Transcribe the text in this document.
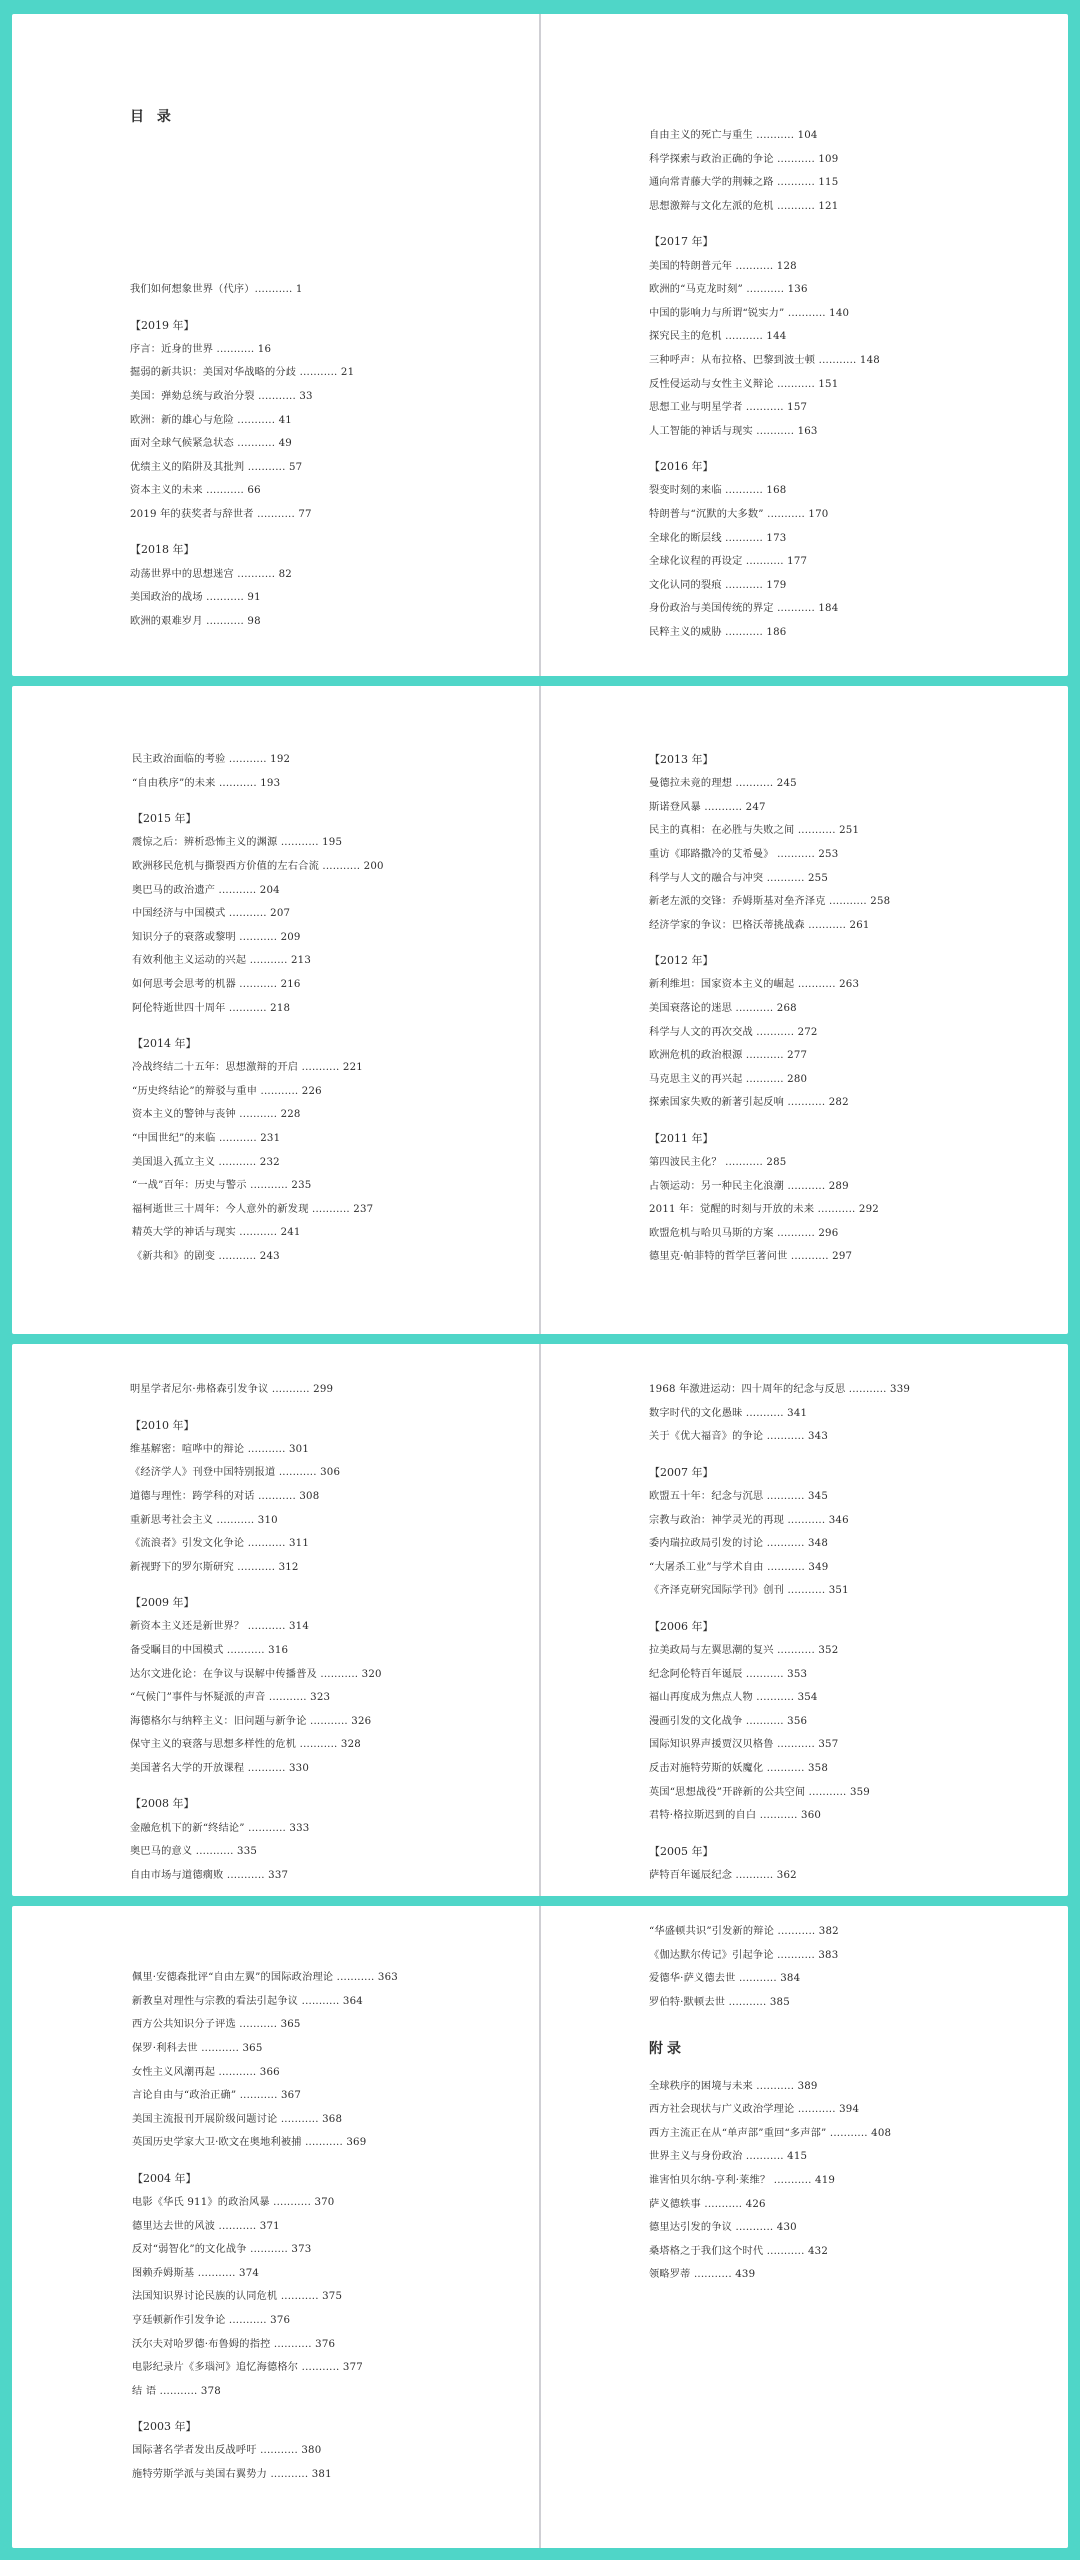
目 录
我们如何想象世界（代序）........... 1
【2019 年】
序言：近身的世界 ........... 16
掘弱的新共识：美国对华战略的分歧 ........... 21
美国：弹劾总统与政治分裂 ........... 33
欧洲：新的雄心与危险 ........... 41
面对全球气候紧急状态 ........... 49
优绩主义的陷阱及其批判 ........... 57
资本主义的未来 ........... 66
2019 年的获奖者与辞世者 ........... 77
【2018 年】
动荡世界中的思想迷宫 ........... 82
美国政治的战场 ........... 91
欧洲的艰难岁月 ........... 98
自由主义的死亡与重生 ........... 104
科学探索与政治正确的争论 ........... 109
通向常青藤大学的荆棘之路 ........... 115
思想激辩与文化左派的危机 ........... 121
【2017 年】
美国的特朗普元年 ........... 128
欧洲的“马克龙时刻” ........... 136
中国的影响力与所谓“锐实力” ........... 140
探究民主的危机 ........... 144
三种呼声：从布拉格、巴黎到波士顿 ........... 148
反性侵运动与女性主义辩论 ........... 151
思想工业与明星学者 ........... 157
人工智能的神话与现实 ........... 163
【2016 年】
裂变时刻的来临 ........... 168
特朗普与“沉默的大多数” ........... 170
全球化的断层线 ........... 173
全球化议程的再设定 ........... 177
文化认同的裂痕 ........... 179
身份政治与美国传统的界定 ........... 184
民粹主义的威胁 ........... 186
民主政治面临的考验 ........... 192
“自由秩序”的未来 ........... 193
【2015 年】
震惊之后：辨析恐怖主义的渊源 ........... 195
欧洲移民危机与撕裂西方价值的左右合流 ........... 200
奥巴马的政治遗产 ........... 204
中国经济与中国模式 ........... 207
知识分子的衰落或黎明 ........... 209
有效利他主义运动的兴起 ........... 213
如何思考会思考的机器 ........... 216
阿伦特逝世四十周年 ........... 218
【2014 年】
冷战终结二十五年：思想激辩的开启 ........... 221
“历史终结论”的辩驳与重申 ........... 226
资本主义的警钟与丧钟 ........... 228
“中国世纪”的来临 ........... 231
美国退入孤立主义 ........... 232
“一战”百年：历史与警示 ........... 235
福柯逝世三十周年：今人意外的新发现 ........... 237
精英大学的神话与现实 ........... 241
《新共和》的剧变 ........... 243
【2013 年】
曼德拉未竟的理想 ........... 245
斯诺登风暴 ........... 247
民主的真相：在必胜与失败之间 ........... 251
重访《耶路撒冷的艾希曼》 ........... 253
科学与人文的融合与冲突 ........... 255
新老左派的交锋：乔姆斯基对垒齐泽克 ........... 258
经济学家的争议：巴格沃蒂挑战森 ........... 261
【2012 年】
新利维坦：国家资本主义的崛起 ........... 263
美国衰落论的迷思 ........... 268
科学与人文的再次交战 ........... 272
欧洲危机的政治根源 ........... 277
马克思主义的再兴起 ........... 280
探索国家失败的新著引起反响 ........... 282
【2011 年】
第四波民主化？ ........... 285
占领运动：另一种民主化浪潮 ........... 289
2011 年：觉醒的时刻与开放的未来 ........... 292
欧盟危机与哈贝马斯的方案 ........... 296
德里克·帕菲特的哲学巨著问世 ........... 297
明星学者尼尔·弗格森引发争议 ........... 299
【2010 年】
维基解密：喧哗中的辩论 ........... 301
《经济学人》刊登中国特别报道 ........... 306
道德与理性：跨学科的对话 ........... 308
重新思考社会主义 ........... 310
《流浪者》引发文化争论 ........... 311
新视野下的罗尔斯研究 ........... 312
【2009 年】
新资本主义还是新世界？ ........... 314
备受瞩目的中国模式 ........... 316
达尔文进化论：在争议与误解中传播普及 ........... 320
“气候门”事件与怀疑派的声音 ........... 323
海德格尔与纳粹主义：旧问题与新争论 ........... 326
保守主义的衰落与思想多样性的危机 ........... 328
美国著名大学的开放课程 ........... 330
【2008 年】
金融危机下的新“终结论” ........... 333
奥巴马的意义 ........... 335
自由市场与道德瘸败 ........... 337
1968 年激进运动：四十周年的纪念与反思 ........... 339
数字时代的文化愚昧 ........... 341
关于《优大福音》的争论 ........... 343
【2007 年】
欧盟五十年：纪念与沉思 ........... 345
宗教与政治：神学灵光的再现 ........... 346
委内瑞拉政局引发的讨论 ........... 348
“大屠杀工业”与学术自由 ........... 349
《齐泽克研究国际学刊》创刊 ........... 351
【2006 年】
拉美政局与左翼思潮的复兴 ........... 352
纪念阿伦特百年诞辰 ........... 353
福山再度成为焦点人物 ........... 354
漫画引发的文化战争 ........... 356
国际知识界声援贾汉贝格鲁 ........... 357
反击对施特劳斯的妖魔化 ........... 358
英国“思想战役”开辟新的公共空间 ........... 359
君特·格拉斯迟到的自白 ........... 360
【2005 年】
萨特百年诞辰纪念 ........... 362
佩里·安德森批评“自由左翼”的国际政治理论 ........... 363
新教皇对理性与宗教的看法引起争议 ........... 364
西方公共知识分子评选 ........... 365
保罗·利科去世 ........... 365
女性主义风潮再起 ........... 366
言论自由与“政治正确” ........... 367
美国主流报刊开展阶级问题讨论 ........... 368
英国历史学家大卫·欧文在奥地利被捕 ........... 369
【2004 年】
电影《华氏 911》的政治风暴 ........... 370
德里达去世的风波 ........... 371
反对“弱智化”的文化战争 ........... 373
图赖乔姆斯基 ........... 374
法国知识界讨论民族的认同危机 ........... 375
亨廷顿新作引发争论 ........... 376
沃尔夫对哈罗德·布鲁姆的指控 ........... 376
电影纪录片《多瑙河》追忆海德格尔 ........... 377
结 语 ........... 378
【2003 年】
国际著名学者发出反战呼吁 ........... 380
施特劳斯学派与美国右翼势力 ........... 381
“华盛顿共识”引发新的辩论 ........... 382
《伽达默尔传记》引起争论 ........... 383
爱德华·萨义德去世 ........... 384
罗伯特·默顿去世 ........... 385
附录
全球秩序的困境与未来 ........... 389
西方社会现状与广义政治学理论 ........... 394
西方主流正在从“单声部”重回“多声部” ........... 408
世界主义与身份政治 ........... 415
谁害怕贝尔纳-亨利·莱维？ ........... 419
萨义德轶事 ........... 426
德里达引发的争议 ........... 430
桑塔格之于我们这个时代 ........... 432
领略罗蒂 ........... 439
